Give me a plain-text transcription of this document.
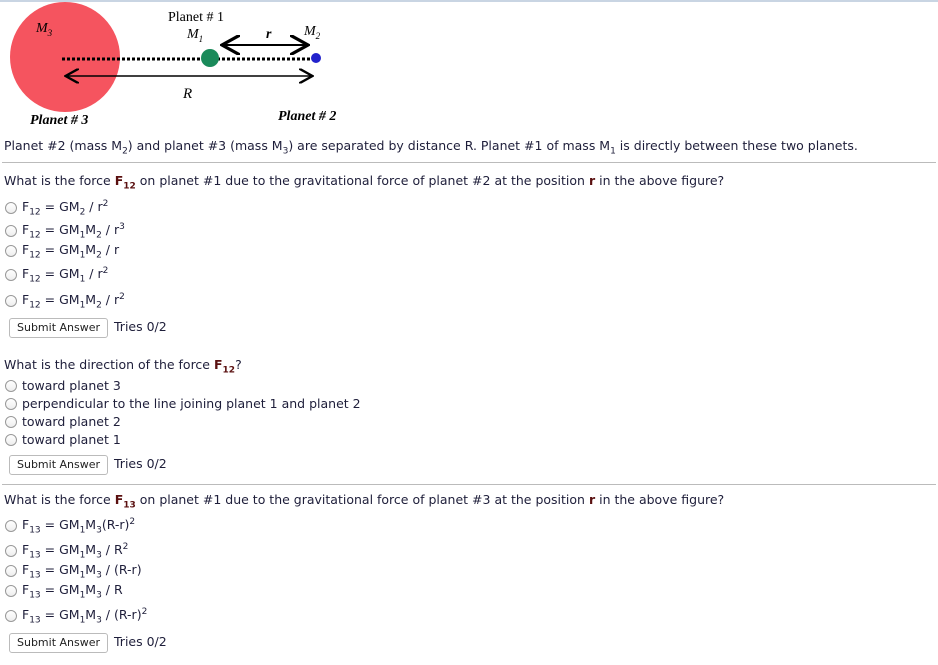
Planet # 1
$M_1$	$M_2$
$M_3$	r
R
Planet # 3	Planet # 2
Planet #2 (mass $M_2$) and planet #3 (mass $M_3$) are separated by distance R. Planet #1 of mass $M_1$ is directly between these two planets.
What is the force $F_{12}$ on planet #1 due to the gravitational force of planet #2 at the position r in the above figure?
$F_{12} = GM_2 / r^2$
$F_{12} = GM_1M_2 / r^3$
$F_{12} = GM_1M_2 / r$
$F_{12} = GM_1 / r^2$
$F_{12} = GM_1M_2 / r^2$
Submit Answer	Tries 0/2
What is the direction of the force $F_{12}$?
toward planet 3
perpendicular to the line joining planet 1 and planet 2
toward planet 2
toward planet 1
Submit Answer	Tries 0/2
What is the force $F_{13}$ on planet #1 due to the gravitational force of planet #3 at the position r in the above figure?
$F_{13} = GM_1M_3(R-r)^2$
$F_{13} = GM_1M_3 / R^2$
$F_{13} = GM_1M_3 / (R-r)$
$F_{13} = GM_1M_3 / R$
$F_{13} = GM_1M_3 / (R-r)^2$
Submit Answer	Tries 0/2
